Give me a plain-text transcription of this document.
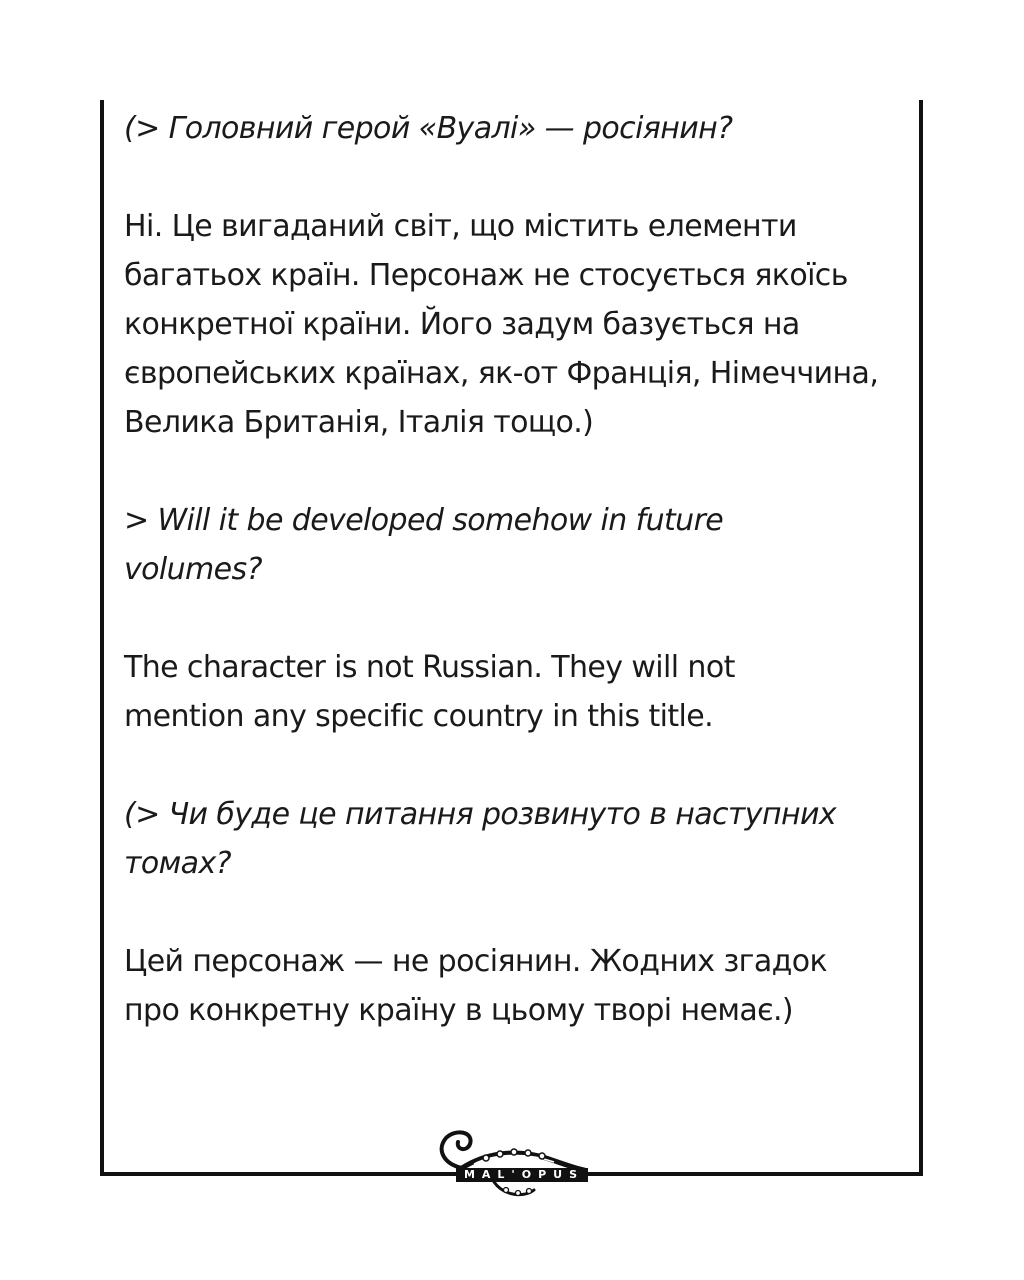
(> Головний герой «Вуалі» — росіянин?

Ні. Це вигаданий світ, що містить елементи багатьох країн. Персонаж не стосується якоїсь конкретної країни. Його задум базується на європейських країнах, як-от Франція, Німеччина, Велика Британія, Італія тощо.)

> Will it be developed somehow in future volumes?

The character is not Russian. They will not mention any specific country in this title.

(> Чи буде це питання розвинуто в наступних томах?

Цей персонаж — не росіянин. Жодних згадок про конкретну країну в цьому творі немає.)

MAL'OPUS
